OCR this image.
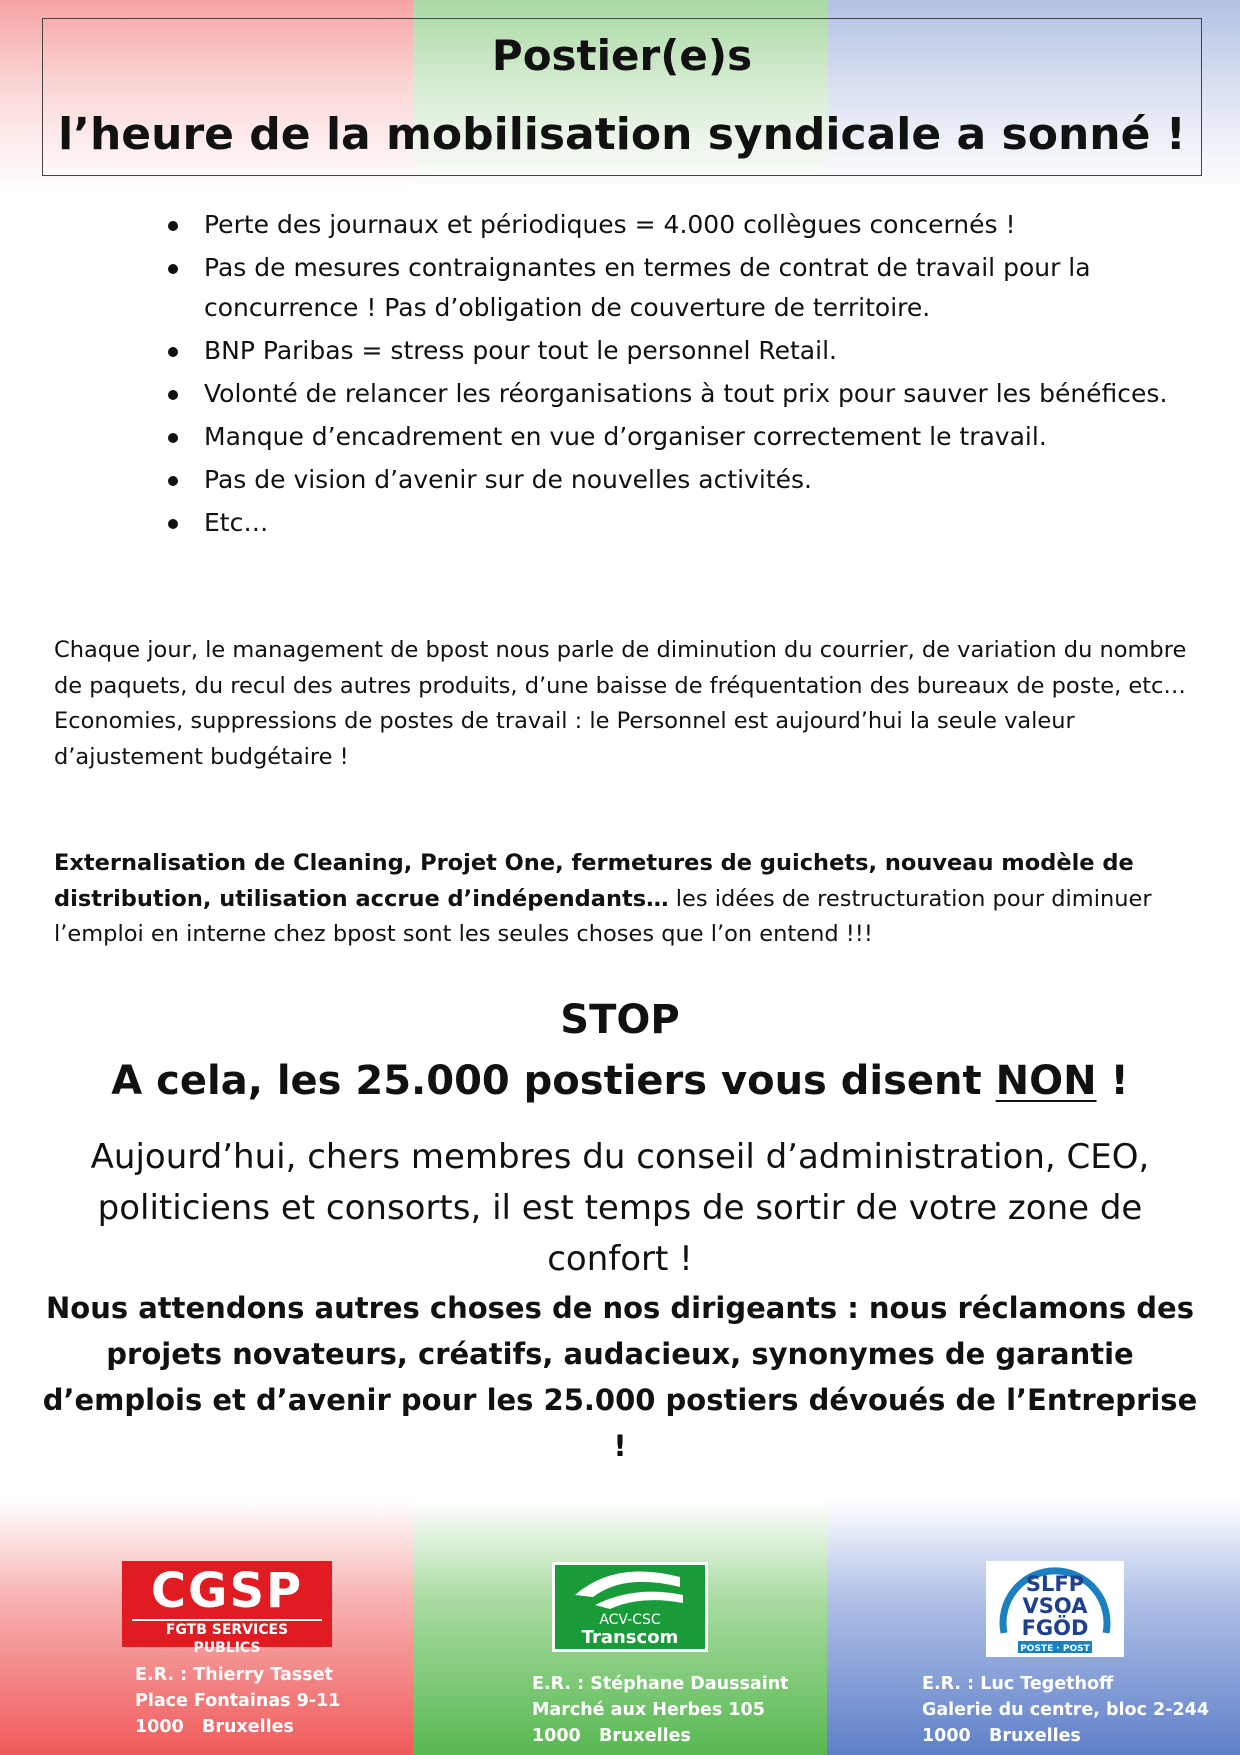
Postier(e)s
l’heure de la mobilisation syndicale a sonné !
Perte des journaux et périodiques = 4.000 collègues concernés !
Pas de mesures contraignantes en termes de contrat de travail pour la concurrence ! Pas d’obligation de couverture de territoire.
BNP Paribas = stress pour tout le personnel Retail.
Volonté de relancer les réorganisations à tout prix pour sauver les bénéfices.
Manque d’encadrement en vue d’organiser correctement le travail.
Pas de vision d’avenir sur de nouvelles activités.
Etc…
Chaque jour, le management de bpost nous parle de diminution du courrier, de variation du nombre de paquets, du recul des autres produits, d’une baisse de fréquentation des bureaux de poste, etc…
Economies, suppressions de postes de travail : le Personnel est aujourd’hui la seule valeur d’ajustement budgétaire !
Externalisation de Cleaning, Projet One, fermetures de guichets, nouveau modèle de distribution, utilisation accrue d’indépendants… les idées de restructuration pour diminuer l’emploi en interne chez bpost sont les seules choses que l’on entend !!!
STOP
A cela, les 25.000 postiers vous disent NON !
Aujourd’hui, chers membres du conseil d’administration, CEO, politiciens et consorts, il est temps de sortir de votre zone de confort !
Nous attendons autres choses de nos dirigeants : nous réclamons des projets novateurs, créatifs, audacieux, synonymes de garantie d’emplois et d’avenir pour les 25.000 postiers dévoués de l’Entreprise !
CGSP
FGTB SERVICES PUBLICS
ACV-CSC
Transcom
SLFP
VSOA
FGÖD
POSTE · POST
E.R. : Thierry Tasset
Place Fontainas 9-11
1000   Bruxelles
E.R. : Stéphane Daussaint
Marché aux Herbes 105
1000   Bruxelles
E.R. : Luc Tegethoff
Galerie du centre, bloc 2-244
1000   Bruxelles
